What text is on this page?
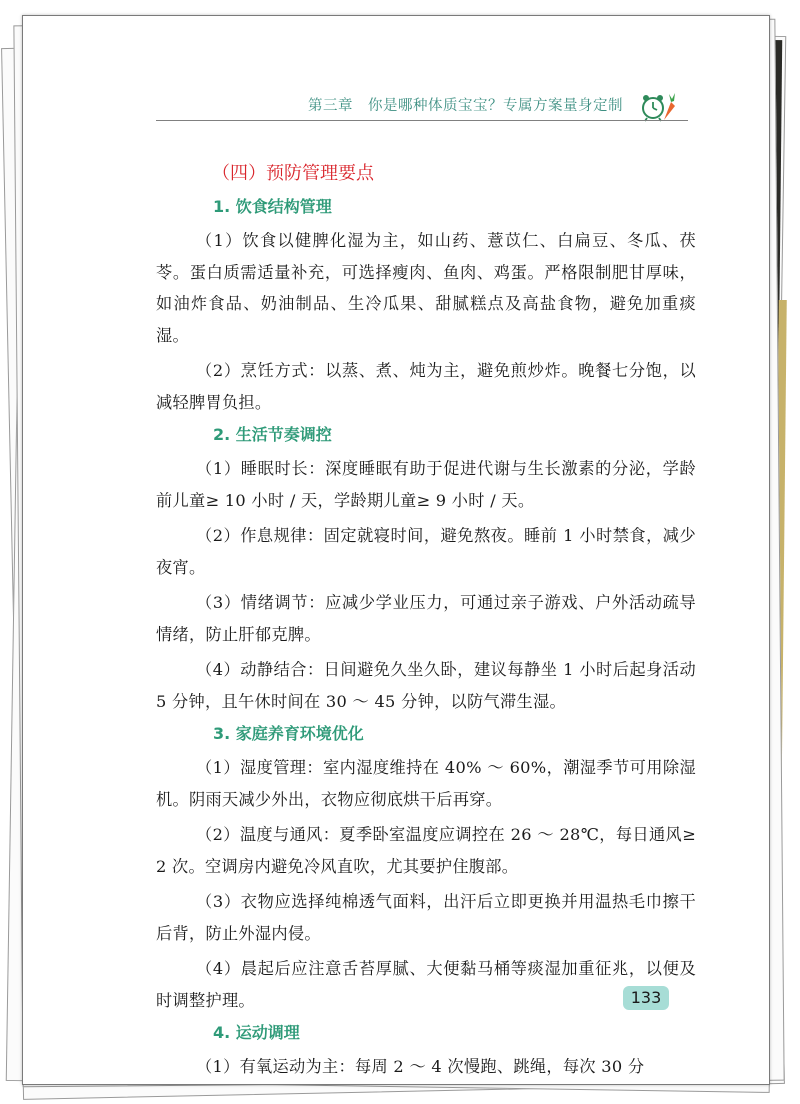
第三章　你是哪种体质宝宝？专属方案量身定制
（四）预防管理要点
1. 饮食结构管理

（1）饮食以健脾化湿为主，如山药、薏苡仁、白扁豆、冬瓜、茯苓。蛋白质需适量补充，可选择瘦肉、鱼肉、鸡蛋。严格限制肥甘厚味，如油炸食品、奶油制品、生冷瓜果、甜腻糕点及高盐食物，避免加重痰湿。

（2）烹饪方式：以蒸、煮、炖为主，避免煎炒炸。晚餐七分饱，以减轻脾胃负担。

2. 生活节奏调控

（1）睡眠时长：深度睡眠有助于促进代谢与生长激素的分泌，学龄前儿童≥ 10 小时 / 天，学龄期儿童≥ 9 小时 / 天。

（2）作息规律：固定就寝时间，避免熬夜。睡前 1 小时禁食，减少夜宵。

（3）情绪调节：应减少学业压力，可通过亲子游戏、户外活动疏导情绪，防止肝郁克脾。

（4）动静结合：日间避免久坐久卧，建议每静坐 1 小时后起身活动 5 分钟，且午休时间在 30 ～ 45 分钟，以防气滞生湿。

3. 家庭养育环境优化

（1）湿度管理：室内湿度维持在 40% ～ 60%，潮湿季节可用除湿机。阴雨天减少外出，衣物应彻底烘干后再穿。

（2）温度与通风：夏季卧室温度应调控在 26 ～ 28℃，每日通风≥ 2 次。空调房内避免冷风直吹，尤其要护住腹部。

（3）衣物应选择纯棉透气面料，出汗后立即更换并用温热毛巾擦干后背，防止外湿内侵。

（4）晨起后应注意舌苔厚腻、大便黏马桶等痰湿加重征兆，以便及时调整护理。

4. 运动调理

（1）有氧运动为主：每周 2 ～ 4 次慢跑、跳绳，每次 30 分

133
